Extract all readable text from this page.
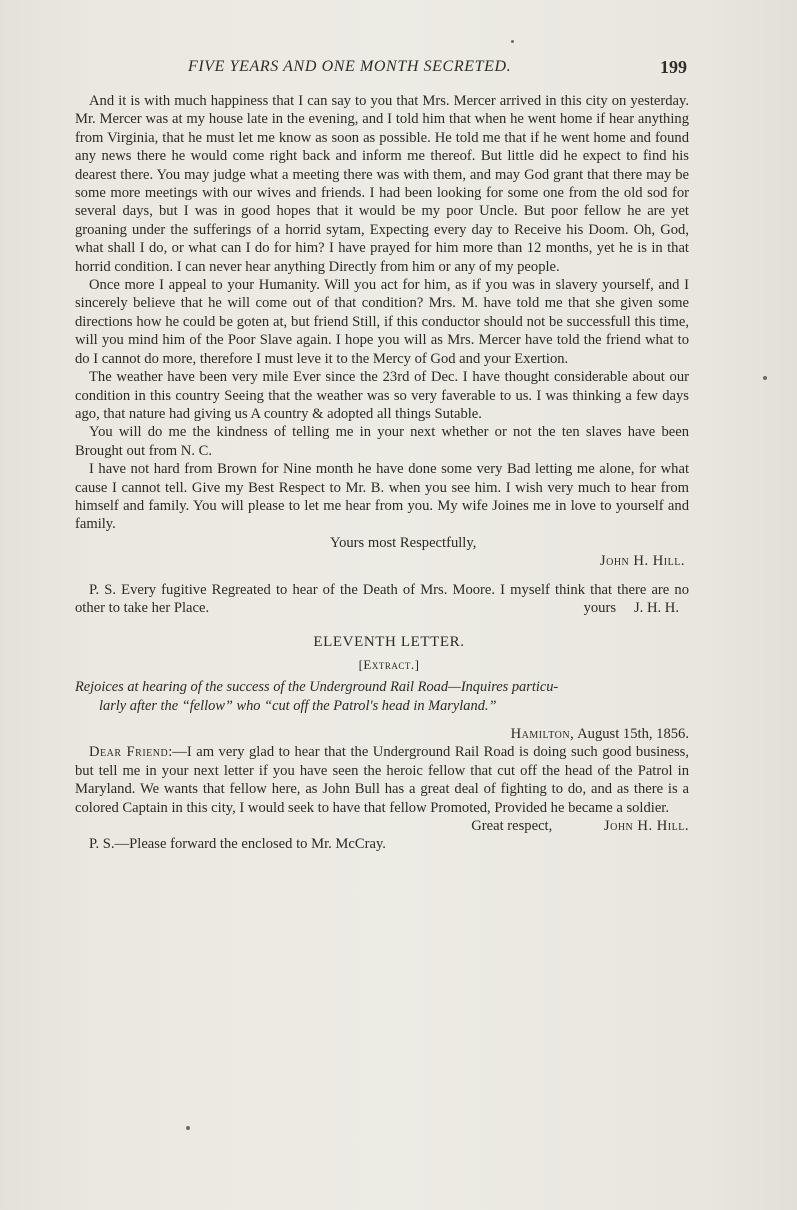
FIVE YEARS AND ONE MONTH SECRETED.	199

And it is with much happiness that I can say to you that Mrs. Mercer arrived in this city on yesterday. Mr. Mercer was at my house late in the evening, and I told him that when he went home if hear anything from Virginia, that he must let me know as soon as possible. He told me that if he went home and found any news there he would come right back and inform me thereof. But little did he expect to find his dearest there. You may judge what a meeting there was with them, and may God grant that there may be some more meetings with our wives and friends. I had been looking for some one from the old sod for several days, but I was in good hopes that it would be my poor Uncle. But poor fellow he are yet groaning under the sufferings of a horrid sytam, Expecting every day to Receive his Doom. Oh, God, what shall I do, or what can I do for him? I have prayed for him more than 12 months, yet he is in that horrid condition. I can never hear anything Directly from him or any of my people.

Once more I appeal to your Humanity. Will you act for him, as if you was in slavery yourself, and I sincerely believe that he will come out of that condition? Mrs. M. have told me that she given some directions how he could be goten at, but friend Still, if this conductor should not be successfull this time, will you mind him of the Poor Slave again. I hope you will as Mrs. Mercer have told the friend what to do I cannot do more, therefore I must leve it to the Mercy of God and your Exertion.

The weather have been very mile Ever since the 23rd of Dec. I have thought considerable about our condition in this country Seeing that the weather was so very faverable to us. I was thinking a few days ago, that nature had giving us A country & adopted all things Sutable.

You will do me the kindness of telling me in your next whether or not the ten slaves have been Brought out from N. C.

I have not hard from Brown for Nine month he have done some very Bad letting me alone, for what cause I cannot tell. Give my Best Respect to Mr. B. when you see him. I wish very much to hear from himself and family. You will please to let me hear from you. My wife Joines me in love to yourself and family.

Yours most Respectfully,

John H. Hill.

P. S. Every fugitive Regreated to hear of the Death of Mrs. Moore. I myself think that there are no other to take her Place.	yours J. H. H.

ELEVENTH LETTER.

[Extract.]

Rejoices at hearing of the success of the Underground Rail Road—Inquires particu-

larly after the “fellow” who “cut off the Patrol's head in Maryland.”

Hamilton, August 15th, 1856.

Dear Friend:—I am very glad to hear that the Underground Rail Road is doing such good business, but tell me in your next letter if you have seen the heroic fellow that cut off the head of the Patrol in Maryland. We wants that fellow here, as John Bull has a great deal of fighting to do, and as there is a colored Captain in this city, I would seek to have that fellow Promoted, Provided he became a soldier.

Great respect,	John H. Hill.

P. S.—Please forward the enclosed to Mr. McCray.
